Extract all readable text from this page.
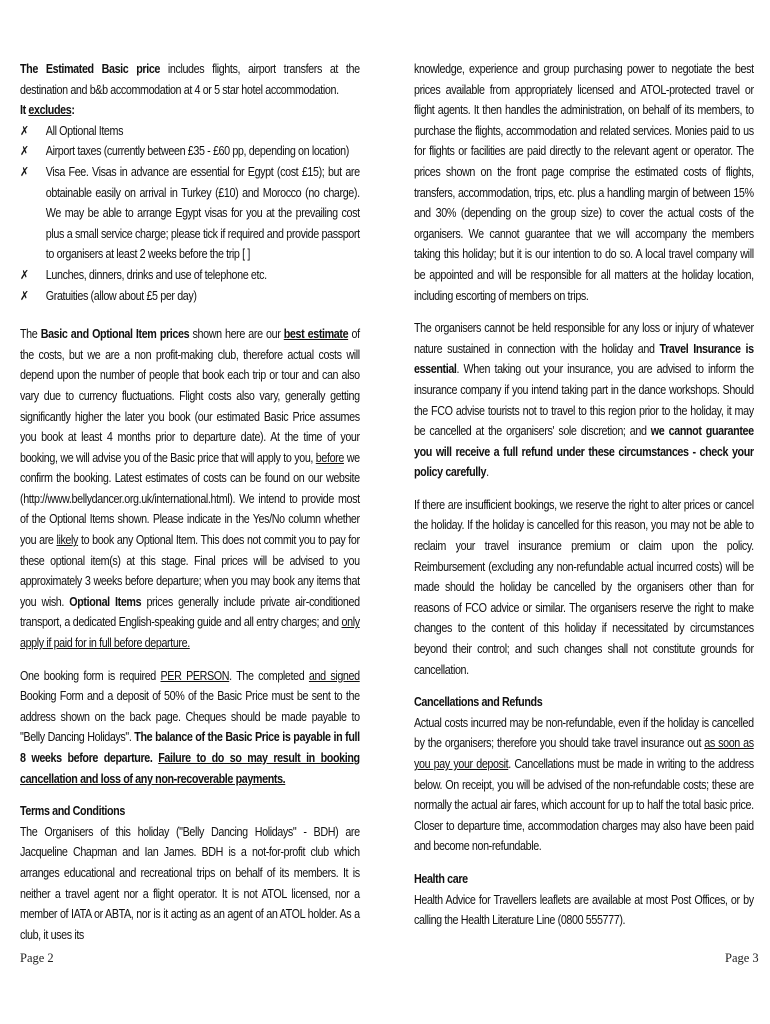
The Estimated Basic price includes flights, airport transfers at the destination and b&b accommodation at 4 or 5 star hotel accommodation.

It excludes:

✗ All Optional Items
✗ Airport taxes (currently between £35 - £60 pp, depending on location)
✗ Visa Fee. Visas in advance are essential for Egypt (cost £15); but are obtainable easily on arrival in Turkey (£10) and Morocco (no charge). We may be able to arrange Egypt visas for you at the prevailing cost plus a small service charge; please tick if required and provide passport to organisers at least 2 weeks before the trip [ ]
✗ Lunches, dinners, drinks and use of telephone etc.
✗ Gratuities (allow about £5 per day)

The Basic and Optional Item prices shown here are our best estimate of the costs, but we are a non profit-making club, therefore actual costs will depend upon the number of people that book each trip or tour and can also vary due to currency fluctuations. Flight costs also vary, generally getting significantly higher the later you book (our estimated Basic Price assumes you book at least 4 months prior to departure date). At the time of your booking, we will advise you of the Basic price that will apply to you, before we confirm the booking. Latest estimates of costs can be found on our website (http://www.bellydancer.org.uk/international.html). We intend to provide most of the Optional Items shown. Please indicate in the Yes/No column whether you are likely to book any Optional Item. This does not commit you to pay for these optional item(s) at this stage. Final prices will be advised to you approximately 3 weeks before departure; when you may book any items that you wish. Optional Items prices generally include private air-conditioned transport, a dedicated English-speaking guide and all entry charges; and only apply if paid for in full before departure.

One booking form is required PER PERSON. The completed and signed Booking Form and a deposit of 50% of the Basic Price must be sent to the address shown on the back page. Cheques should be made payable to "Belly Dancing Holidays". The balance of the Basic Price is payable in full 8 weeks before departure. Failure to do so may result in booking cancellation and loss of any non-recoverable payments.

Terms and Conditions

The Organisers of this holiday ("Belly Dancing Holidays" - BDH) are Jacqueline Chapman and Ian James. BDH is a not-for-profit club which arranges educational and recreational trips on behalf of its members. It is neither a travel agent nor a flight operator. It is not ATOL licensed, nor a member of IATA or ABTA, nor is it acting as an agent of an ATOL holder. As a club, it uses its

knowledge, experience and group purchasing power to negotiate the best prices available from appropriately licensed and ATOL-protected travel or flight agents. It then handles the administration, on behalf of its members, to purchase the flights, accommodation and related services. Monies paid to us for flights or facilities are paid directly to the relevant agent or operator. The prices shown on the front page comprise the estimated costs of flights, transfers, accommodation, trips, etc. plus a handling margin of between 15% and 30% (depending on the group size) to cover the actual costs of the organisers. We cannot guarantee that we will accompany the members taking this holiday; but it is our intention to do so. A local travel company will be appointed and will be responsible for all matters at the holiday location, including escorting of members on trips.

The organisers cannot be held responsible for any loss or injury of whatever nature sustained in connection with the holiday and Travel Insurance is essential. When taking out your insurance, you are advised to inform the insurance company if you intend taking part in the dance workshops. Should the FCO advise tourists not to travel to this region prior to the holiday, it may be cancelled at the organisers' sole discretion; and we cannot guarantee you will receive a full refund under these circumstances - check your policy carefully.

If there are insufficient bookings, we reserve the right to alter prices or cancel the holiday. If the holiday is cancelled for this reason, you may not be able to reclaim your travel insurance premium or claim upon the policy. Reimbursement (excluding any non-refundable actual incurred costs) will be made should the holiday be cancelled by the organisers other than for reasons of FCO advice or similar. The organisers reserve the right to make changes to the content of this holiday if necessitated by circumstances beyond their control; and such changes shall not constitute grounds for cancellation.

Cancellations and Refunds

Actual costs incurred may be non-refundable, even if the holiday is cancelled by the organisers; therefore you should take travel insurance out as soon as you pay your deposit. Cancellations must be made in writing to the address below. On receipt, you will be advised of the non-refundable costs; these are normally the actual air fares, which account for up to half the total basic price. Closer to departure time, accommodation charges may also have been paid and become non-refundable.

Health care

Health Advice for Travellers leaflets are available at most Post Offices, or by calling the Health Literature Line (0800 555777).

Page 2	Page 3
